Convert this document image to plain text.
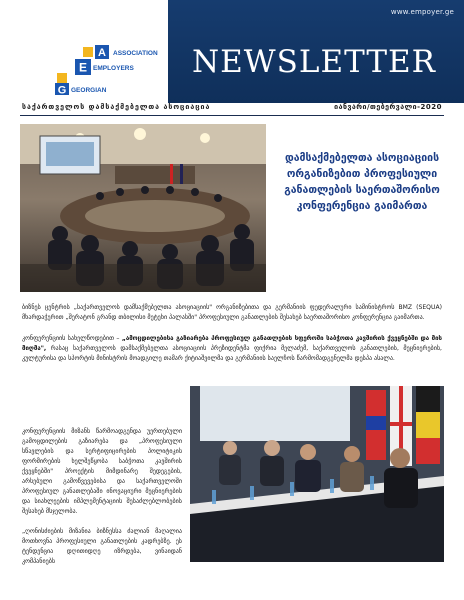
A
E
G
ASSOCIATION
EMPLOYERS
GEORGIAN
www.empoyer.ge
NEWSLETTER
საქართველოს დამსაქმებელთა ასოციაცია	იანვარი/თებერვალი-2020
დამსაქმებელთა ასოციაციის ორგანიზებით პროფესიული განათლების საერთაშორისო კონფერენცია გაიმართა

ბიზნეს ცენტრის „საქართველოს დამსაქმებელთა ასოციაციის" ორგანიზებითა და გერმანიის ფედერალური სამინისტროს BMZ (SEQUA) მხარდაჭერით „შერატონ გრანდ თბილისი მეტეხი პალასში" პროფესიული განათლების შესახებ საერთაშორისო კონფერენცია გაიმართა.

კონფერენციის სახელწოდებით – „ამოცდილებისა გაზიარება პროფესიულ განათლების სფეროში საბჭოთა კავშირის ქვეყნებში და მის მიღმა", რასაც საქართველოს დამსაქმებელთა ასოციაციის პრეზიდენტმა ფიქრია მელაძემ, საქართველოს განათლების, მეცნიერების, კულტურისა და სპორტის მინისტრის მოადგილე თამარ ქიტიაშვილმა და გერმანიის საელჩოს წარმომადგენელმა დესპა ასალა.

კონფერენციის მიზანს წარმოადგენდა უერთებული გამოცდილების გაზიარება და „პროფესიული სწავლების და სერტიფიცირების პოლიტიკის ფორმირების ხელშეწყობა საბჭოთა კავშირის ქვეყნებში" პროექტის მიმდინარე შედეგების, არსებული გამოწვევებისა და საქართველოში პროფესიულ განათლებაში ინოვაციური მეცნიერების და სიახლეების იმპლემენტაციის შესაძლებლობების შესახებ მსჯელობა.

„ღონისძიების მიზანია ბიზნესსა ძალიან მაღალია მოთხოვნა პროფესიული განათლების კადრებზე. ეს ტენდენცია დღითიდღე იზრდება, ვინაიდან კომპანიებს
